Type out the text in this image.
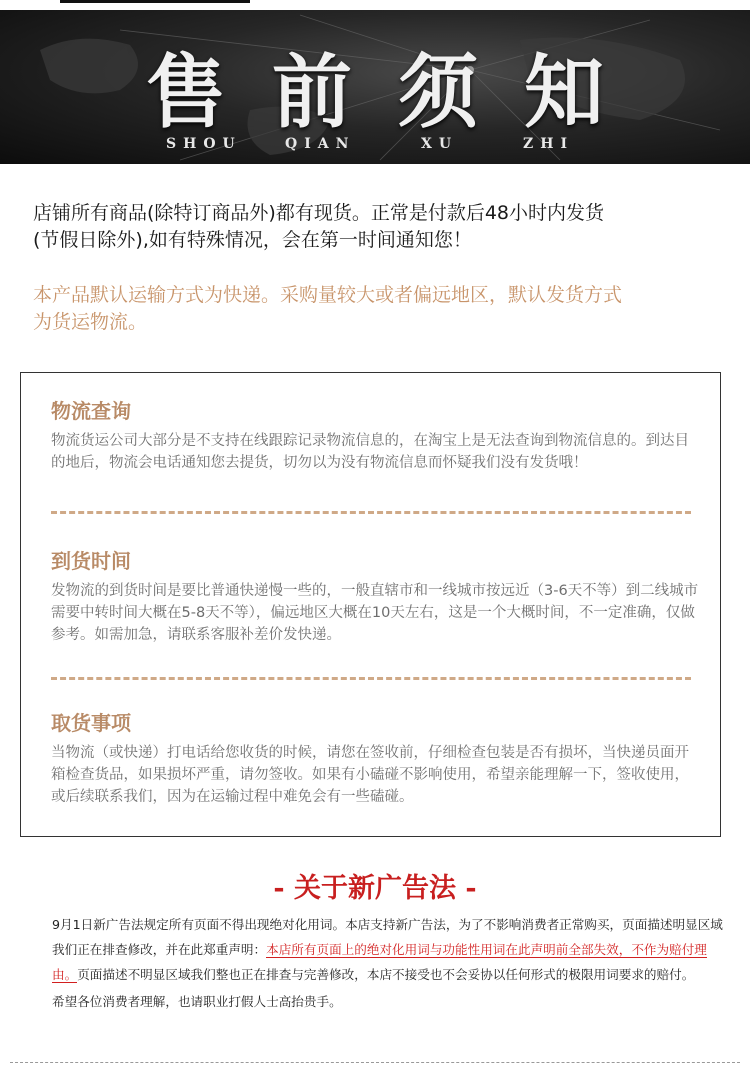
售 前 须 知
SHOU	QIAN	XU	ZHI
店铺所有商品(除特订商品外)都有现货。正常是付款后48小时内发货
(节假日除外),如有特殊情况，会在第一时间通知您！
本产品默认运输方式为快递。采购量较大或者偏远地区，默认发货方式
为货运物流。
物流查询
物流货运公司大部分是不支持在线跟踪记录物流信息的，在淘宝上是无法查询到物流信息的。到达目的地后，物流会电话通知您去提货，切勿以为没有物流信息而怀疑我们没有发货哦！
到货时间
发物流的到货时间是要比普通快递慢一些的，一般直辖市和一线城市按远近（3-6天不等）到二线城市需要中转时间大概在5-8天不等），偏远地区大概在10天左右，这是一个大概时间，不一定准确，仅做参考。如需加急，请联系客服补差价发快递。
取货事项
当物流（或快递）打电话给您收货的时候，请您在签收前，仔细检查包装是否有损坏，当快递员面开箱检查货品，如果损坏严重，请勿签收。如果有小磕碰不影响使用，希望亲能理解一下，签收使用，或后续联系我们，因为在运输过程中难免会有一些磕碰。
- 关于新广告法 -
9月1日新广告法规定所有页面不得出现绝对化用词。本店支持新广告法，为了不影响消费者正常购买，页面描述明显区域我们正在排查修改，并在此郑重声明：本店所有页面上的绝对化用词与功能性用词在此声明前全部失效，不作为赔付理由。页面描述不明显区域我们整也正在排查与完善修改，本店不接受也不会妥协以任何形式的极限用词要求的赔付。
希望各位消费者理解，也请职业打假人士高抬贵手。
